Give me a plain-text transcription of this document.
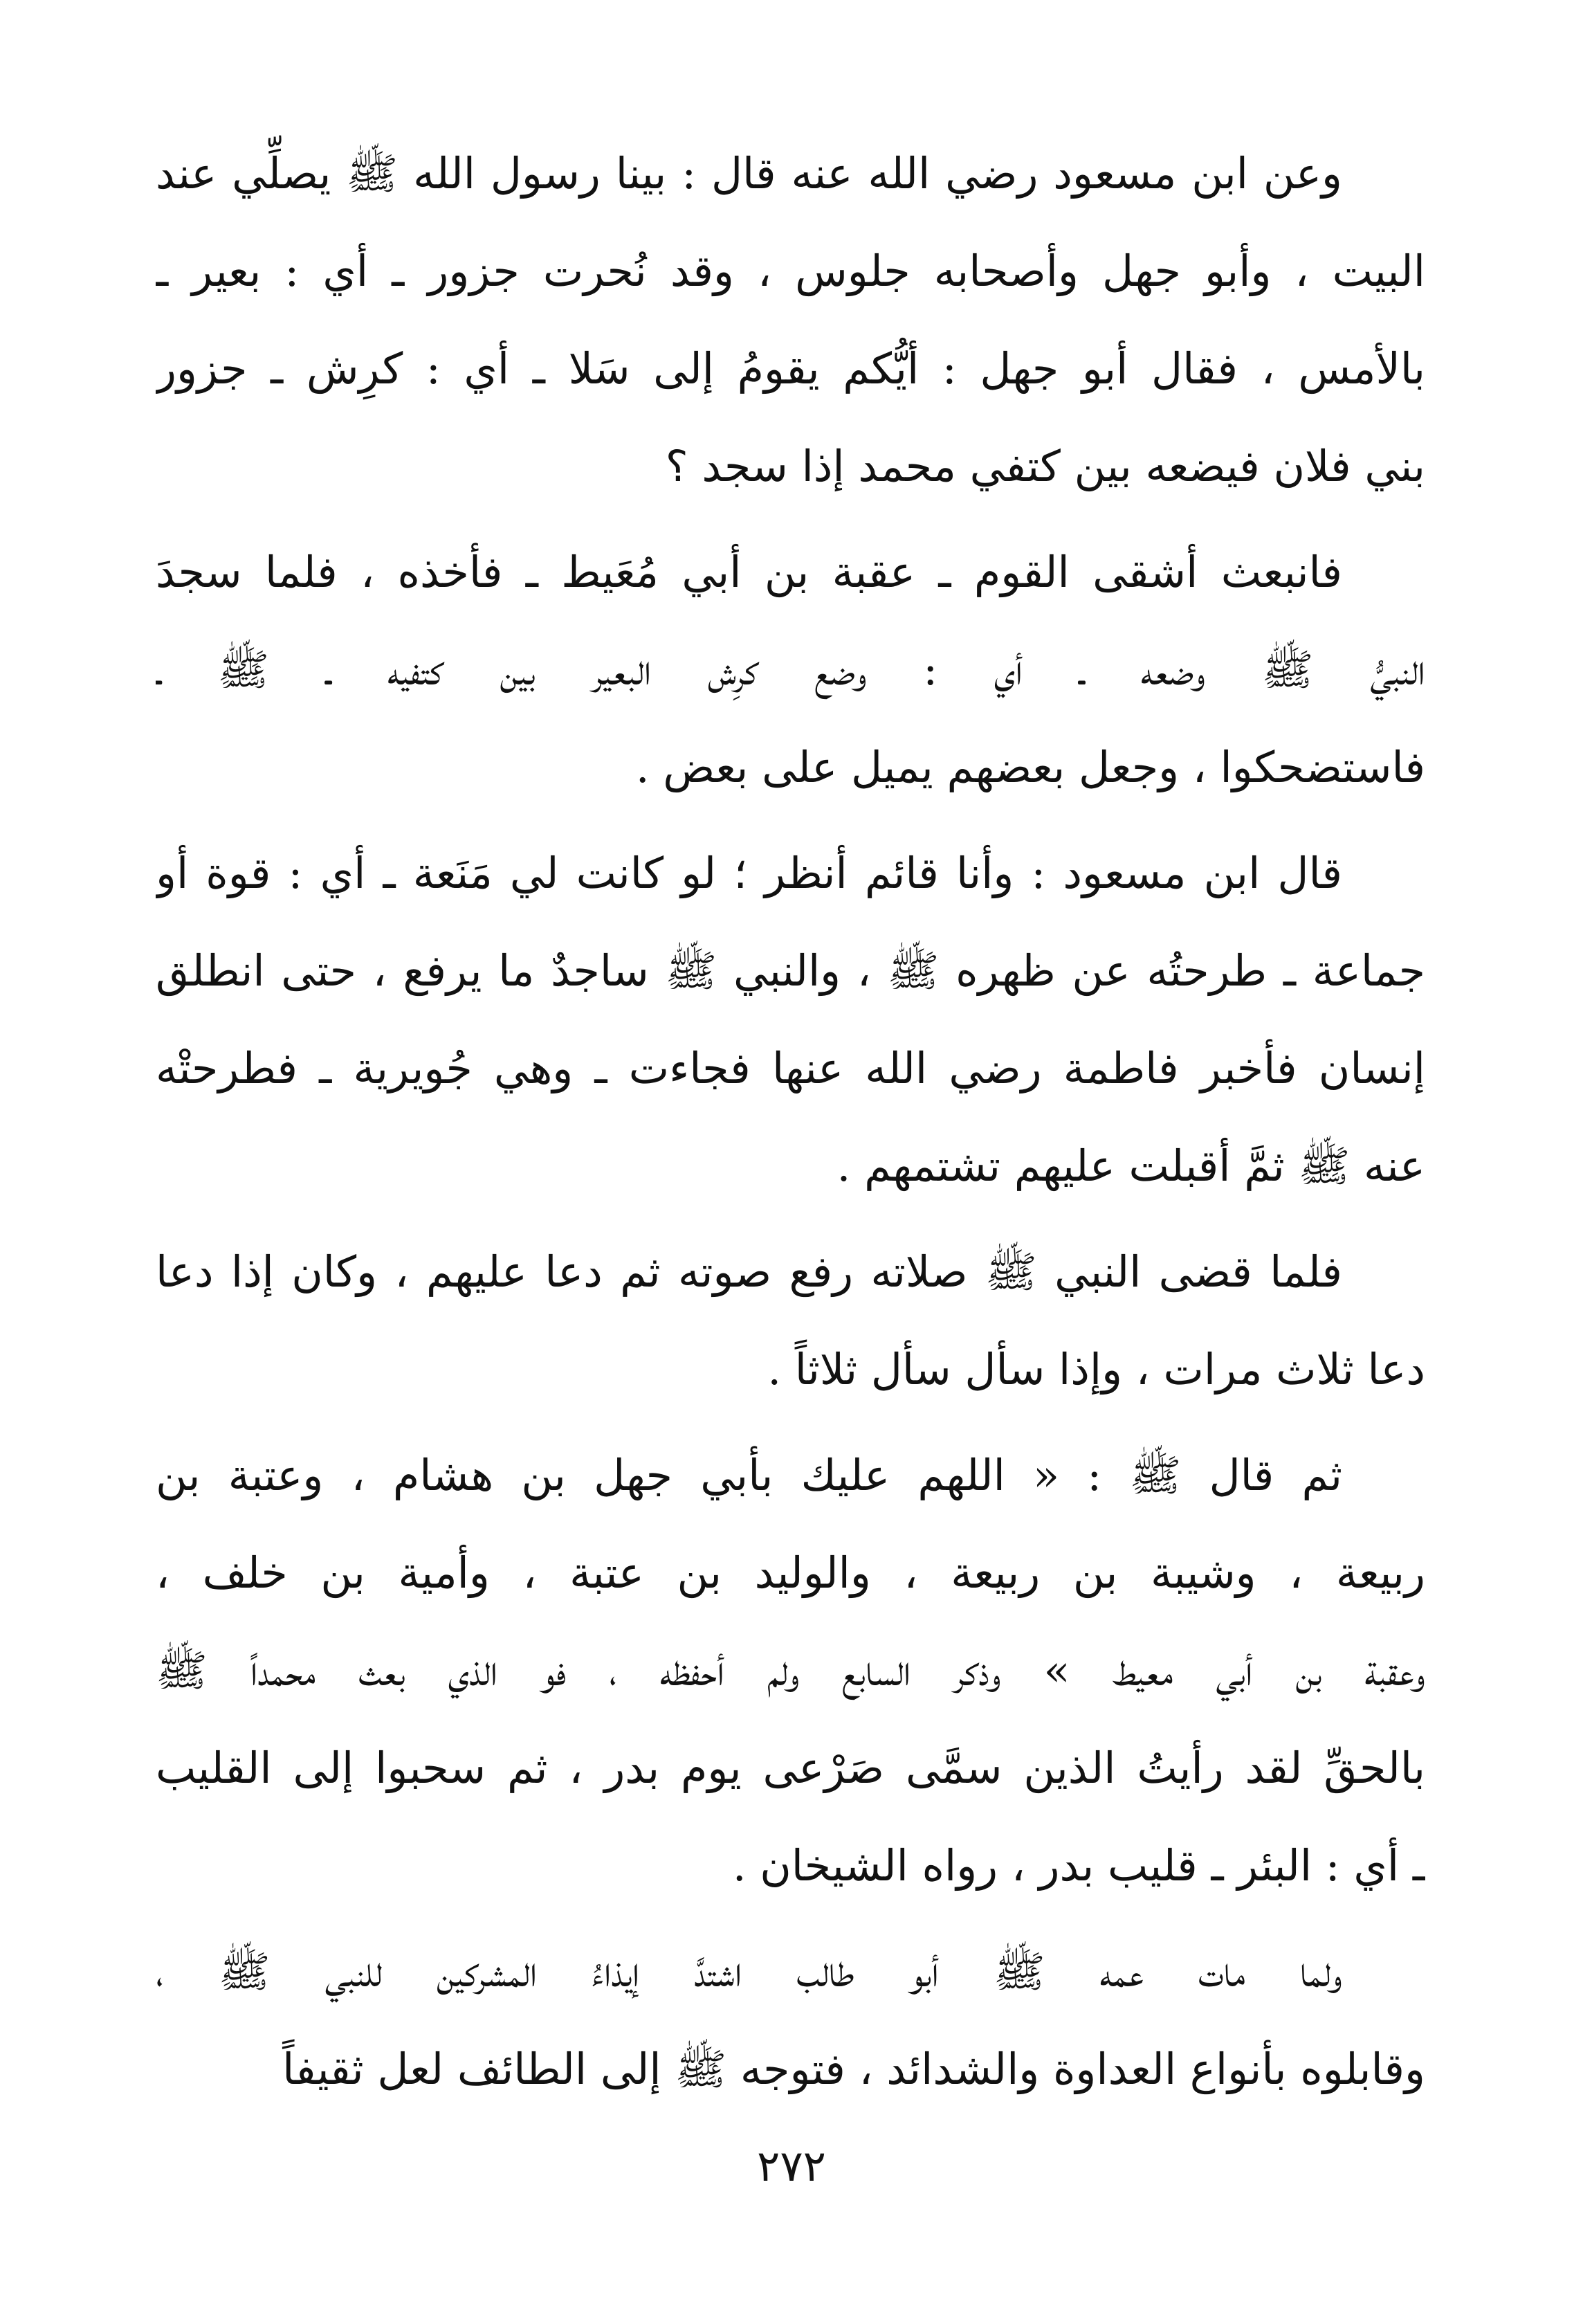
وعن ابن مسعود رضي الله عنه قال : بينا رسول الله ﷺ يصلِّي عند
البيت ، وأبو جهل وأصحابه جلوس ، وقد نُحرت جزور ـ أي : بعير ـ
بالأمس ، فقال أبو جهل : أيُّكم يقومُ إلى سَلا ـ أي : كرِش ـ جزور
بني فلان فيضعه بين كتفي محمد إذا سجد ؟
فانبعث أشقى القوم ـ عقبة بن أبي مُعَيط ـ فأخذه ، فلما سجدَ
النبيُّ ﷺ وضعه ـ أي : وضع كرِش البعير بين كتفيه ـ ﷺ ـ
فاستضحكوا ، وجعل بعضهم يميل على بعض .
قال ابن مسعود : وأنا قائم أنظر ؛ لو كانت لي مَنَعة ـ أي : قوة أو
جماعة ـ طرحتُه عن ظهره ﷺ ، والنبي ﷺ ساجدٌ ما يرفع ، حتى انطلق
إنسان فأخبر فاطمة رضي الله عنها فجاءت ـ وهي جُويرية ـ فطرحتْه
عنه ﷺ ثمَّ أقبلت عليهم تشتمهم .
فلما قضى النبي ﷺ صلاته رفع صوته ثم دعا عليهم ، وكان إذا دعا
دعا ثلاث مرات ، وإذا سأل سأل ثلاثاً .
ثم قال ﷺ : « اللهم عليك بأبي جهل بن هشام ، وعتبة بن
ربيعة ، وشيبة بن ربيعة ، والوليد بن عتبة ، وأمية بن خلف ،
وعقبة بن أبي معيط » وذكر السابع ولم أحفظه ، فو الذي بعث محمداً ﷺ
بالحقِّ لقد رأيتُ الذين سمَّى صَرْعى يوم بدر ، ثم سحبوا إلى القليب
ـ أي : البئر ـ قليب بدر ، رواه الشيخان .
ولما مات عمه ﷺ أبو طالب اشتدَّ إيذاءُ المشركين للنبي ﷺ ،
وقابلوه بأنواع العداوة والشدائد ، فتوجه ﷺ إلى الطائف لعل ثقيفاً
٢٧٢
